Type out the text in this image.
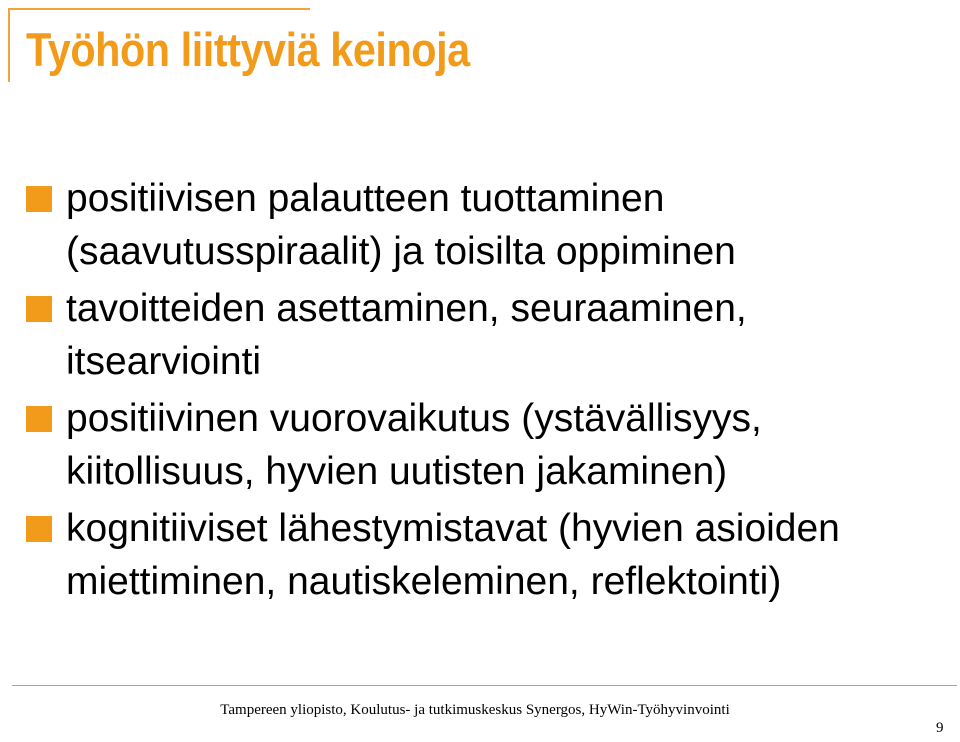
Työhön liittyviä keinoja
positiivisen palautteen tuottaminen (saavutusspiraalit) ja toisilta oppiminen
tavoitteiden asettaminen, seuraaminen, itsearviointi
positiivinen vuorovaikutus (ystävällisyys, kiitollisuus, hyvien uutisten jakaminen)
kognitiiviset lähestymistavat (hyvien asioiden miettiminen, nautiskeleminen, reflektointi)
Tampereen yliopisto, Koulutus- ja tutkimuskeskus Synergos, HyWin-Työhyvinvointi
9
